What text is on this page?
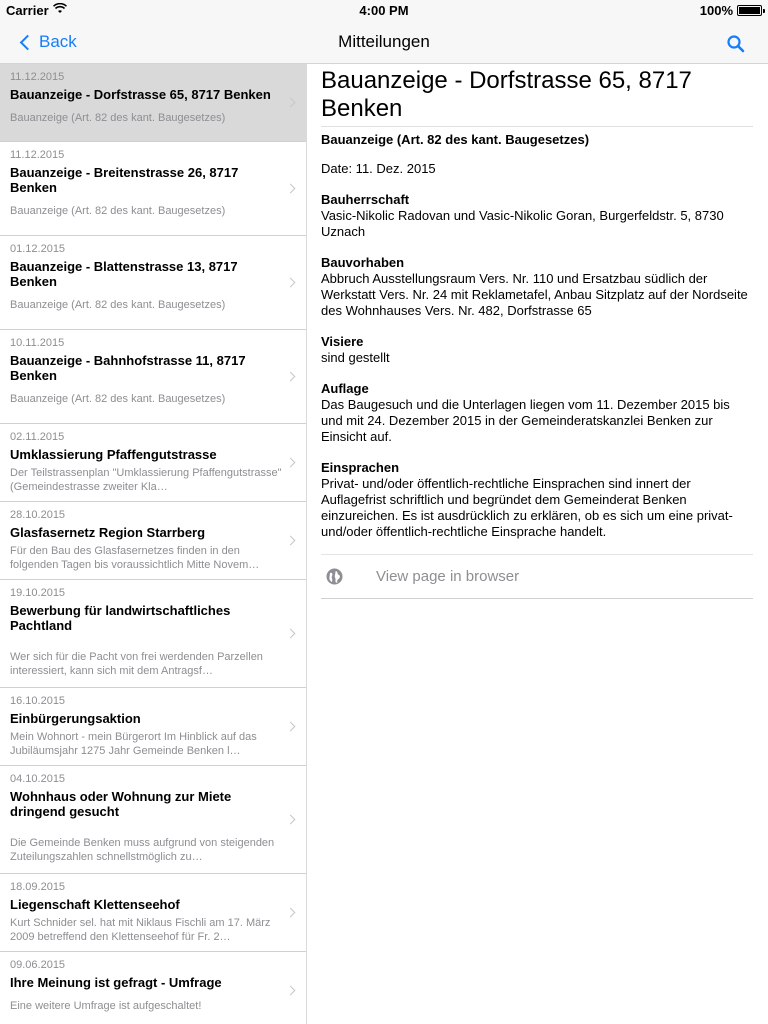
Carrier	4:00 PM	100%
Back	Mitteilungen
11.12.2015
Bauanzeige - Dorfstrasse 65, 8717 Benken
Bauanzeige (Art. 82 des kant. Baugesetzes)
11.12.2015
Bauanzeige - Breitenstrasse 26, 8717 Benken
Bauanzeige (Art. 82 des kant. Baugesetzes)
01.12.2015
Bauanzeige - Blattenstrasse 13, 8717 Benken
Bauanzeige (Art. 82 des kant. Baugesetzes)
10.11.2015
Bauanzeige - Bahnhofstrasse 11, 8717 Benken
Bauanzeige (Art. 82 des kant. Baugesetzes)
02.11.2015
Umklassierung Pfaffengutstrasse
Der Teilstrassenplan "Umklassierung Pfaffengutstrasse" (Gemeindestrasse zweiter Kla…
28.10.2015
Glasfasernetz Region Starrberg
Für den Bau des Glasfasernetzes finden in den folgenden Tagen bis voraussichtlich Mitte Novem…
19.10.2015
Bewerbung für landwirtschaftliches Pachtland
Wer sich für die Pacht von frei werdenden Parzellen interessiert, kann sich mit dem Antragsf…
16.10.2015
Einbürgerungsaktion
Mein Wohnort - mein Bürgerort Im Hinblick auf das Jubiläumsjahr 1275 Jahr Gemeinde Benken l…
04.10.2015
Wohnhaus oder Wohnung zur Miete dringend gesucht
Die Gemeinde Benken muss aufgrund von steigenden Zuteilungszahlen schnellstmöglich zu…
18.09.2015
Liegenschaft Klettenseehof
Kurt Schnider sel. hat mit Niklaus Fischli am 17. März 2009 betreffend den Klettenseehof für Fr. 2…
09.06.2015
Ihre Meinung ist gefragt - Umfrage
Eine weitere Umfrage ist aufgeschaltet!
Bauanzeige - Dorfstrasse 65, 8717 Benken
Bauanzeige (Art. 82 des kant. Baugesetzes)
Date: 11. Dez. 2015
Bauherrschaft
Vasic-Nikolic Radovan und Vasic-Nikolic Goran, Burgerfeldstr. 5, 8730 Uznach
Bauvorhaben
Abbruch Ausstellungsraum Vers. Nr. 110 und Ersatzbau südlich der Werkstatt Vers. Nr. 24 mit Reklametafel, Anbau Sitzplatz auf der Nordseite des Wohnhauses Vers. Nr. 482, Dorfstrasse 65
Visiere
sind gestellt
Auflage
Das Baugesuch und die Unterlagen liegen vom 11. Dezember 2015 bis und mit 24. Dezember 2015 in der Gemeinderatskanzlei Benken zur Einsicht auf.
Einsprachen
Privat- und/oder öffentlich-rechtliche Einsprachen sind innert der Auflagefrist schriftlich und begründet dem Gemeinderat Benken einzureichen. Es ist ausdrücklich zu erklären, ob es sich um eine privat- und/oder öffentlich-rechtliche Einsprache handelt.
View page in browser
